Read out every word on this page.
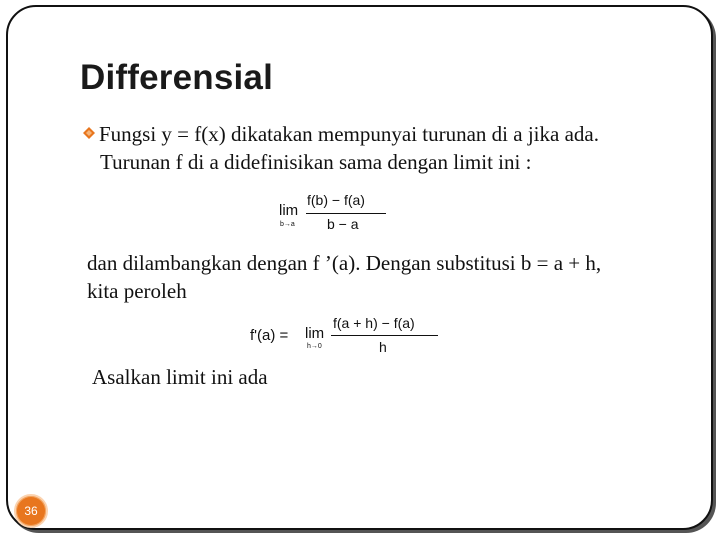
Differensial
Fungsi y = f(x) dikatakan mempunyai turunan di a jika ada.
Turunan f di a didefinisikan sama dengan limit ini :
lim
b→a
f(b) − f(a)
b − a
dan dilambangkan dengan f ’(a). Dengan substitusi b = a + h,
kita peroleh
f'(a) = lim
h→0
f(a + h) − f(a)
h
Asalkan limit ini ada
36
